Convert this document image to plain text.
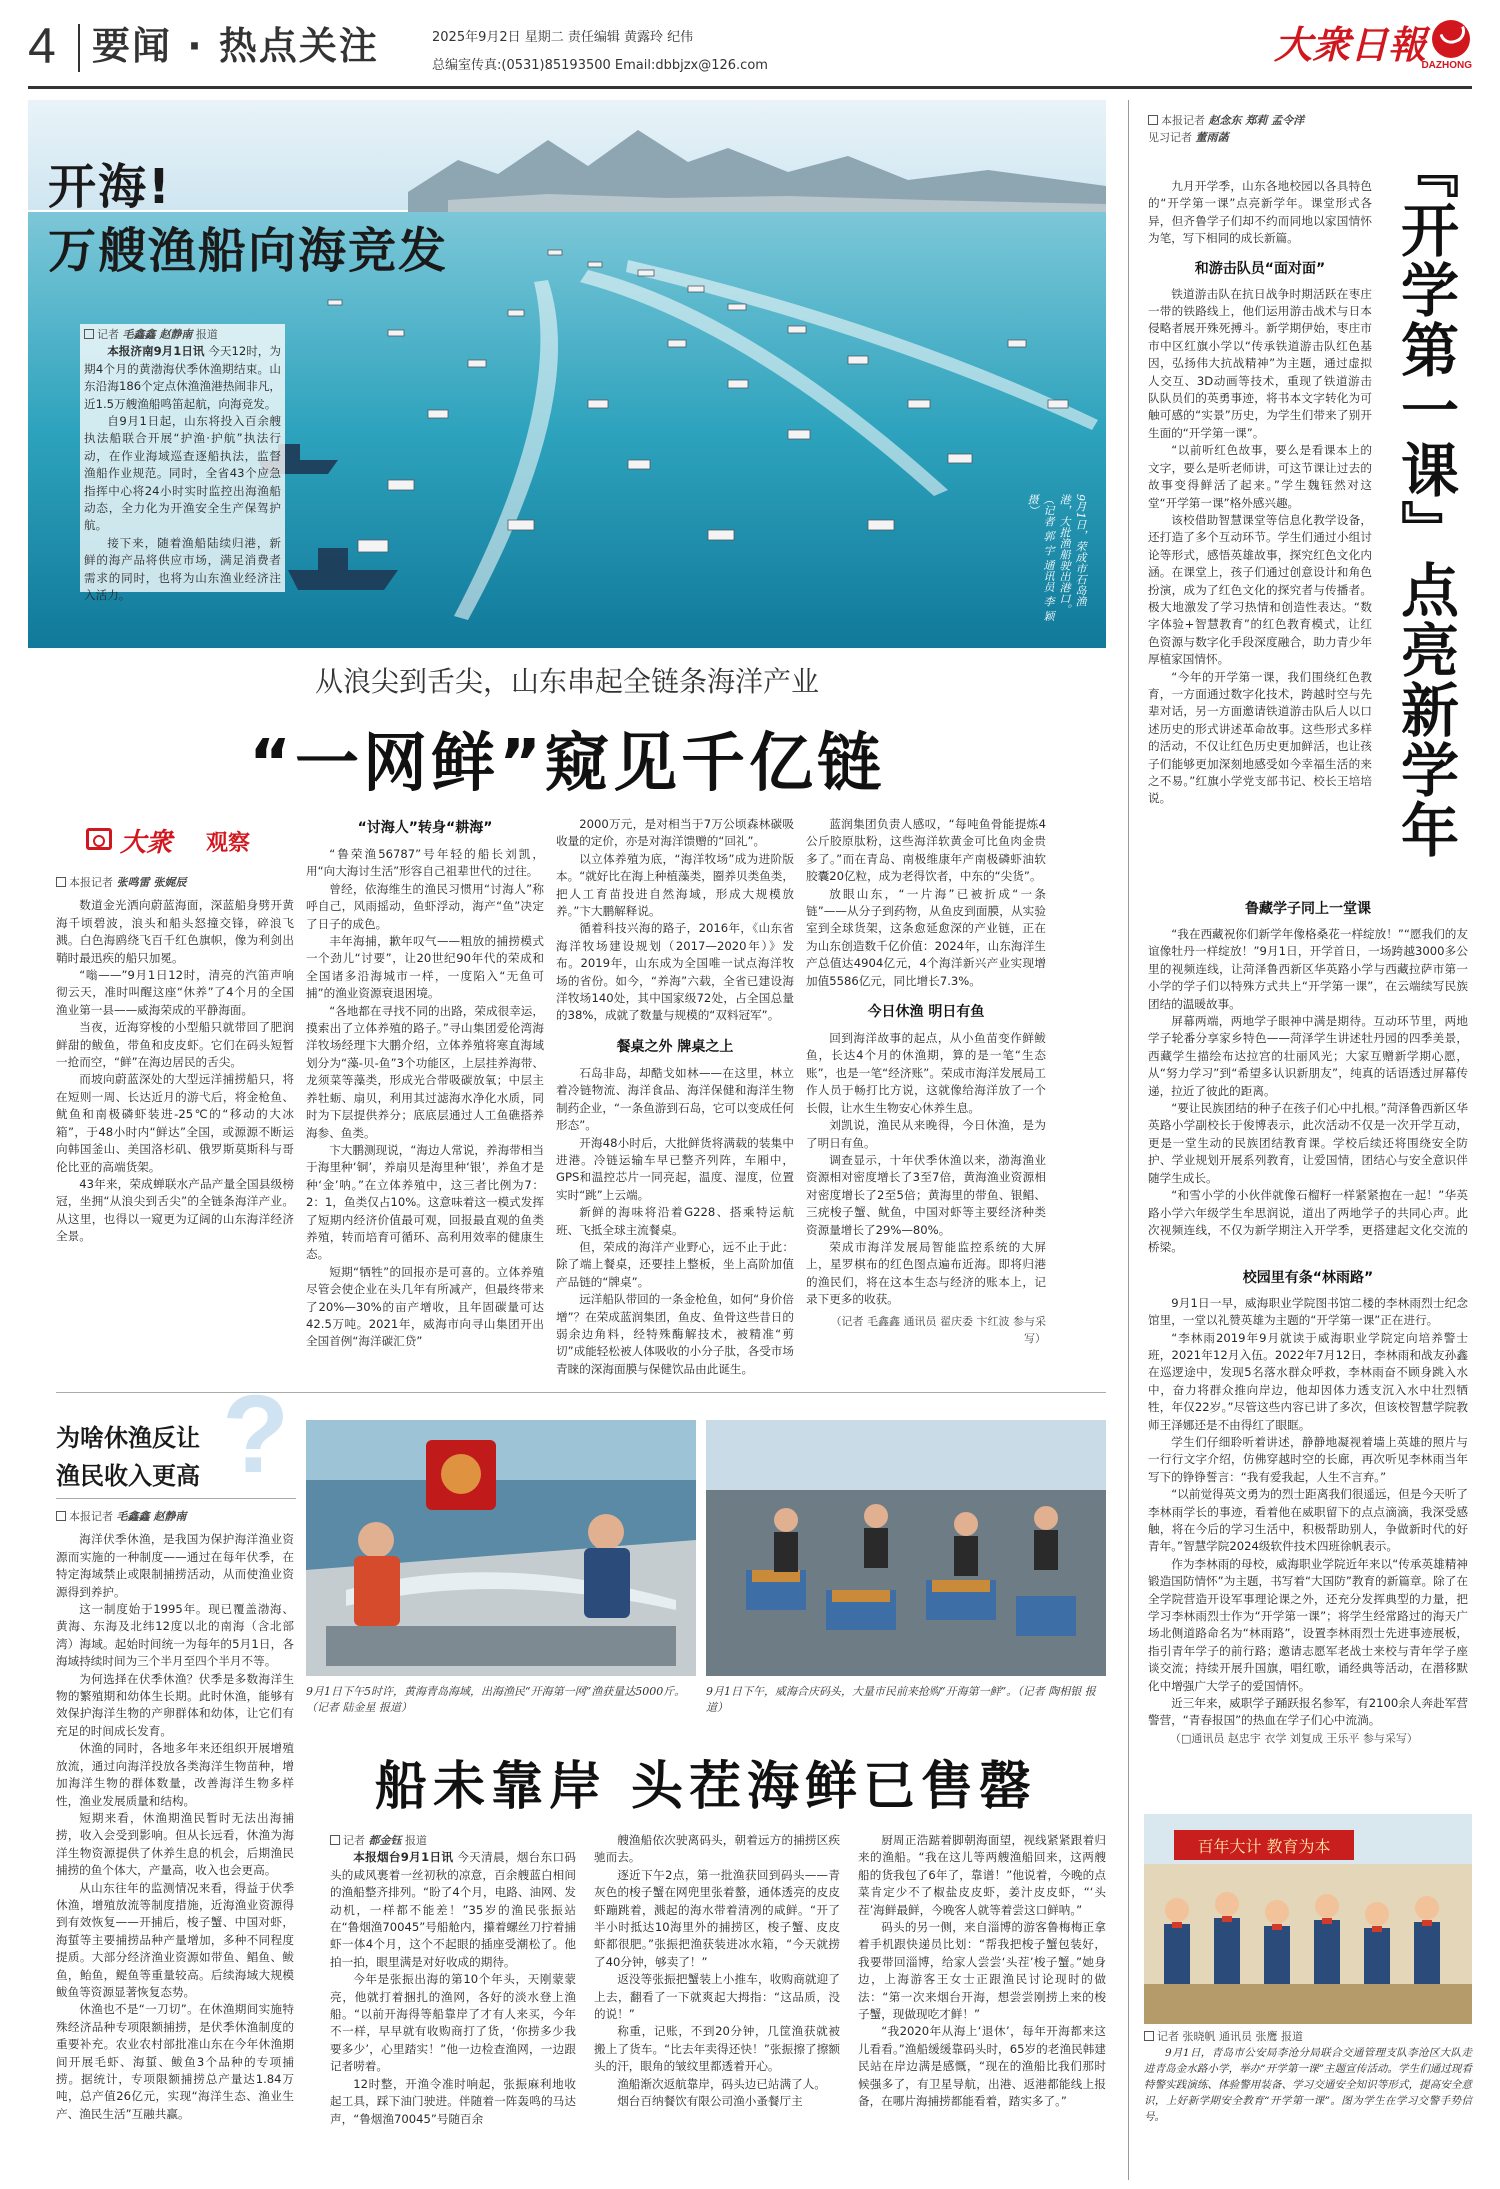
4 要闻 · 热点关注	2025年9月2日 星期二 责任编辑 黄露玲 纪伟
总编室传真:(0531)85193500 Email:dbbjzx@126.com	大衆日報
DAZHONG
开海!
万艘渔船向海竞发
记者 毛鑫鑫 赵静南 报道

本报济南9月1日讯 今天12时，为期4个月的黄渤海伏季休渔期结束。山东沿海186个定点休渔渔港热闹非凡，近1.5万艘渔船鸣笛起航，向海竞发。

自9月1日起，山东将投入百余艘执法船联合开展“护渔·护航”执法行动，在作业海域巡查逐船执法，监督渔船作业规范。同时，全省43个应急指挥中心将24小时实时监控出海渔船动态，全力化为开渔安全生产保驾护航。

接下来，随着渔船陆续归港，新鲜的海产品将供应市场，满足消费者需求的同时，也将为山东渔业经济注入活力。	9月1日，荣成市石岛渔港，大批渔船驶出港口。（记者 郭 宇 通讯员 李 颖 摄）
从浪尖到舌尖，山东串起全链条海洋产业
“一网鲜”窥见千亿链
大衆 观察
本报记者 张鸣雷 张娓辰

数道金光洒向蔚蓝海面，深蓝船身劈开黄海千顷碧波，浪头和船头怒撞交锋，碎浪飞溅。白色海鸥绕飞百千红色旗帜，像为利剑出鞘时最迅疾的船只加冕。

“嗡——”9月1日12时，清亮的汽笛声响彻云天，准时叫醒这座“休养”了4个月的全国渔业第一县——威海荣成的平静海面。

当夜，近海穿梭的小型船只就带回了肥润鲜甜的鲅鱼，带鱼和皮皮虾。它们在码头短暂一抢而空，“鲜”在海边居民的舌尖。

而坡向蔚蓝深处的大型远洋捕捞船只，将在短则一周、长达近月的游弋后，将金枪鱼、鱿鱼和南极磷虾装进-25℃的“移动的大冰箱”，于48小时内“鲜达”全国，或源源不断运向韩国釜山、美国洛杉矶、俄罗斯莫斯科与哥伦比亚的高端货架。

43年来，荣成蝉联水产品产量全国县级榜冠，坐拥“从浪尖到舌尖”的全链条海洋产业。从这里，也得以一窥更为辽阔的山东海洋经济全景。

“讨海人”转身“耕海”

“鲁荣渔56787”号年轻的船长刘凯，用“向大海讨生活”形容自己祖辈世代的过往。

曾经，依海维生的渔民习惯用“讨海人”称呼自己，风雨摇动，鱼虾浮动，海产“鱼”决定了日子的成色。

丰年海捕，歉年叹气——粗放的捕捞模式一个劲儿“讨要”，让20世纪90年代的荣成和全国诸多沿海城市一样，一度陷入“无鱼可捕”的渔业资源衰退困境。

“各地都在寻找不同的出路，荣成很幸运，摸索出了立体养殖的路子。”寻山集团爱伦湾海洋牧场经理卞大鹏介绍，立体养殖将寒直海域划分为“藻-贝-鱼”3个功能区，上层挂养海带、龙须菜等藻类，形成光合带吸碳放氧；中层主养牡蛎、扇贝，利用其过滤海水净化水质，同时为下层提供养分；底底层通过人工鱼礁搭养海参、鱼类。

卞大鹏测现说，“海边人常说，养海带相当于海里种‘铜’，养扇贝是海里种‘银’，养鱼才是种‘金’呐。”在立体养殖中，这三者比例为7：2：1，鱼类仅占10%。这意味着这一模式发挥了短期内经济价值最可观，回报最直观的鱼类养殖，转而培育可循环、高利用效率的健康生态。

短期“牺牲”的回报亦是可喜的。立体养殖尽管会使企业在头几年有所减产，但最终带来了20%—30%的亩产增收，且年固碳量可达42.5万吨。2021年，威海市向寻山集团开出全国首例“海洋碳汇贷”

2000万元，是对相当于7万公顷森林碳吸收量的定价，亦是对海洋馈赠的“回礼”。

以立体养殖为底，“海洋牧场”成为进阶版本。“就好比在海上种植藻类，圈养贝类鱼类，把人工育苗投进自然海域，形成大规模放养。”卞大鹏解释说。

循着科技兴海的路子，2016年，《山东省海洋牧场建设规划（2017—2020年）》发布。2019年，山东成为全国唯一试点海洋牧场的省份。如今，“养海”六载，全省已建设海洋牧场140处，其中国家级72处，占全国总量的38%，成就了数量与规模的“双料冠军”。

餐桌之外 牌桌之上

石岛非岛，却酷戈如林——在这里，林立着冷链物流、海洋食品、海洋保健和海洋生物制药企业，“一条鱼游到石岛，它可以变成任何形态”。

开海48小时后，大批鲜货将满载的装集中进港。冷链运输车早已整齐列阵，车厢中，GPS和温控芯片一同亮起，温度、湿度，位置实时“跳”上云端。

新鲜的海味将沿着G228、搭乘特运航班、飞抵全球主流餐桌。

但，荣成的海洋产业野心，远不止于此：除了端上餐桌，还要挂上整板，坐上高阶加值产品链的“牌桌”。

远洋船队带回的一条金枪鱼，如何“身价倍增”？在荣成蓝润集团，鱼皮、鱼骨这些昔日的弱余边角料，经特殊酶解技术，被精准“剪切”成能轻松被人体吸收的小分子肽，各受市场青睐的深海面膜与保健饮品由此诞生。

蓝润集团负责人感叹，“每吨鱼骨能提炼4公斤胶原肽粉，这些海洋软黄金可比鱼肉金贵多了。”而在青岛、南极维康年产南极磷虾油软胶囊20亿粒，成为老得饮者，中东的“尖货”。

放眼山东，“一片海”已被折成“一条链”——从分子到药物，从鱼皮到面膜，从实验室到全球货架，这条愈延愈深的产业链，正在为山东创造数千亿价值：2024年，山东海洋生产总值达4904亿元，4个海洋新兴产业实现增加值5586亿元，同比增长7.3%。

今日休渔 明日有鱼

回到海洋故事的起点，从小鱼苗变作鲜鲅鱼，长达4个月的休渔期，算的是一笔“生态账”，也是一笔“经济账”。荣成市海洋发展局工作人员于畅打比方说，这就像给海洋放了一个长假，让水生生物安心休养生息。

刘凯说，渔民从来晚得，今日休渔，是为了明日有鱼。

调查显示，十年伏季休渔以来，渤海渔业资源相对密度增长了3至7倍，黄海渔业资源相对密度增长了2至5倍；黄海里的带鱼、银鲳、三疣梭子蟹、鱿鱼，中国对虾等主要经济种类资源量增长了29%—80%。

荣成市海洋发展局智能监控系统的大屏上，星罗棋布的红色图点遍布近海。即将归港的渔民们，将在这本生态与经济的账本上，记录下更多的收获。

（记者 毛鑫鑫 通讯员 翟庆委 卞红波 参与采写）

?
为啥休渔反让
渔民收入更高
本报记者 毛鑫鑫 赵静南

海洋伏季休渔，是我国为保护海洋渔业资源而实施的一种制度——通过在每年伏季，在特定海域禁止或限制捕捞活动，从而使渔业资源得到养护。

这一制度始于1995年。现已覆盖渤海、黄海、东海及北纬12度以北的南海（含北部湾）海域。起始时间统一为每年的5月1日，各海域持续时间为三个半月至四个半月不等。

为何选择在伏季休渔？伏季是多数海洋生物的繁殖期和幼体生长期。此时休渔，能够有效保护海洋生物的产卵群体和幼体，让它们有充足的时间成长发育。

休渔的同时，各地多年来还组织开展增殖放流，通过向海洋投放各类海洋生物苗种，增加海洋生物的群体数量，改善海洋生物多样性，渔业发展质量和结构。

短期来看，休渔期渔民暂时无法出海捕捞，收入会受到影响。但从长远看，休渔为海洋生物资源提供了休养生息的机会，后期渔民捕捞的鱼个体大，产量高，收入也会更高。

从山东往年的监测情况来看，得益于伏季休渔，增殖放流等制度措施，近海渔业资源得到有效恢复——开捕后，梭子蟹、中国对虾，海蜇等主要捕捞品种产量增加，多种不同程度提质。大部分经济渔业资源如带鱼、鲳鱼、鲅鱼，鲐鱼，鳀鱼等重量较高。后续海域大规模鲅鱼等资源显著恢复态势。

休渔也不是“一刀切”。在休渔期间实施特殊经济品种专项限额捕捞，是伏季休渔制度的重要补充。农业农村部批准山东在今年休渔期间开展毛虾、海蜇、鲅鱼3个品种的专项捕捞。据统计，专项限额捕捞总产量达1.84万吨，总产值26亿元，实现“海洋生态、渔业生产、渔民生活”互融共赢。

9月1日下午5时许，黄海青岛海域，出海渔民“开海第一网”渔获量达5000斤。（记者 陆金星 报道）
9月1日下午，威海合庆码头，大量市民前来抢购“开海第一鲜”。（记者 陶相银 报道）
船未靠岸 头茬海鲜已售罄
记者 都金钰 报道

本报烟台9月1日讯 今天清晨，烟台东口码头的咸风裹着一丝初秋的凉意，百余艘蓝白相间的渔船整齐排列。“盼了4个月，电路、油网、发动机，一样都不能差！”35岁的渔民张振站在“鲁烟渔70045”号船舱内，攥着螺丝刀拧着捕虾一体4个月，这个不起眼的插座受潮松了。他拍一拍，眼里满是对好收成的期待。

今年是张振出海的第10个年头，天刚蒙蒙亮，他就打着捆扎的渔网，各好的淡水登上渔船。“以前开海得等船靠岸了才有人来买，今年不一样，早早就有收购商打了货，‘你捞多少我要多少’，心里踏实！”他一边检查渔网，一边跟记者唠着。

12时整，开渔令准时响起，张振麻利地收起工具，踩下油门驶进。伴随着一阵轰鸣的马达声，“鲁烟渔70045”号随百余

艘渔船依次驶离码头，朝着远方的捕捞区疾驰而去。

逐近下午2点，第一批渔获回到码头——青灰色的梭子蟹在网兜里张着螯，通体透亮的皮皮虾蹦跳着，溅起的海水带着清冽的咸鲜。“开了半小时抵达10海里外的捕捞区，梭子蟹、皮皮虾都很肥。”张振把渔获装进冰水箱，“今天就捞了40分钟，够卖了！”

返没等张振把蟹装上小推车，收购商就迎了上去，翻看了一下就爽起大拇指：“这品质，没的说！”

称重，记账，不到20分钟，几筐渔获就被搬上了货车。“比去年卖得还快！”张振擦了擦额头的汗，眼角的皱纹里都透着开心。

渔船渐次返航靠岸，码头边已站满了人。

烟台百纳餐饮有限公司渔小蚤餐厅主

厨周正浩踮着脚朝海面望，视线紧紧跟着归来的渔船。“我在这儿等两艘渔船回来，这两艘船的货我包了6年了，靠谱！”他说着，今晚的点菜肯定少不了椒盐皮皮虾，姜汁皮皮虾，“‘头茬’海鲜最鲜，今晚客人就等着尝这口鲜呐。”

码头的另一侧，来自淄博的游客鲁梅梅正拿着手机跟快递员比划：“帮我把梭子蟹包装好，我要带回淄博，给家人尝尝‘头茬’梭子蟹。”她身边，上海游客王女士正跟渔民讨论现时的做法：“第一次来烟台开海，想尝尝刚捞上来的梭子蟹，现做现吃才鲜！”

“我2020年从海上‘退休’，每年开海都来这儿看看。”渔船缓缓靠码头时，65岁的老渔民韩建民站在岸边满是感慨，“现在的渔船比我们那时候强多了，有卫星导航，出港、返港都能线上报备，在哪片海捕捞都能看着，踏实多了。”

『开学第一课』点亮新学年
本报记者 赵念东 郑莉 孟令洋
见习记者 董雨菡

九月开学季，山东各地校园以各具特色的“开学第一课”点亮新学年。课堂形式各异，但齐鲁学子们却不约而同地以家国情怀为笔，写下相同的成长新篇。

和游击队员“面对面”

铁道游击队在抗日战争时期活跃在枣庄一带的铁路线上，他们运用游击战术与日本侵略者展开殊死搏斗。新学期伊始，枣庄市市中区红旗小学以“传承铁道游击队红色基因，弘扬伟大抗战精神”为主题，通过虚拟人交互、3D动画等技术，重现了铁道游击队队员们的英勇事迹，将书本文字转化为可触可感的“实景”历史，为学生们带来了别开生面的“开学第一课”。

“以前听红色故事，要么是看课本上的文字，要么是听老师讲，可这节课让过去的故事变得鲜活了起来。”学生魏钰然对这堂“开学第一课”格外感兴趣。

该校借助智慧课堂等信息化教学设备，还打造了多个互动环节。学生们通过小组讨论等形式，感悟英雄故事，探究红色文化内涵。在课堂上，孩子们通过创意设计和角色扮演，成为了红色文化的探究者与传播者。极大地激发了学习热情和创造性表达。“数字体验+智慧教育”的红色教育模式，让红色资源与数字化手段深度融合，助力青少年厚植家国情怀。

“今年的开学第一课，我们围绕红色教育，一方面通过数字化技术，跨越时空与先辈对话，另一方面邀请铁道游击队后人以口述历史的形式讲述革命故事。这些形式多样的活动，不仅让红色历史更加鲜活，也让孩子们能够更加深刻地感受如今幸福生活的来之不易。”红旗小学党支部书记、校长王培培说。

鲁藏学子同上一堂课

“我在西藏祝你们新学年像格桑花一样绽放！”“愿我们的友谊像牡丹一样绽放！”9月1日，开学首日，一场跨越3000多公里的视频连线，让菏泽鲁西新区华英路小学与西藏拉萨市第一小学的学子们以特殊方式共上“开学第一课”，在云端续写民族团结的温暖故事。

屏幕两端，两地学子眼神中满是期待。互动环节里，两地学子轮番分享家乡特色——菏泽学生讲述牡丹园的四季美景，西藏学生描绘布达拉宫的壮丽风光；大家互赠新学期心愿，从“努力学习”到“希望多认识新朋友”，纯真的话语透过屏幕传递，拉近了彼此的距离。

“要让民族团结的种子在孩子们心中扎根。”菏泽鲁西新区华英路小学副校长于俊博表示，此次活动不仅是一次开学互动，更是一堂生动的民族团结教育课。学校后续还将围绕安全防护、学业规划开展系列教育，让爱国情，团结心与安全意识伴随学生成长。

“和雪小学的小伙伴就像石榴籽一样紧紧抱在一起！”华英路小学六年级学生牟思润说，道出了两地学子的共同心声。此次视频连线，不仅为新学期注入开学季，更搭建起文化交流的桥梁。

校园里有条“林雨路”

9月1日一早，威海职业学院图书馆二楼的李林雨烈士纪念馆里，一堂以礼赞英雄为主题的“开学第一课”正在进行。

“李林雨2019年9月就读于威海职业学院定向培养警士班，2021年12月入伍。2022年7月12日，李林雨和战友孙鑫在巡逻途中，发现5名落水群众呼救，李林雨奋不顾身跳入水中，奋力将群众推向岸边，他却因体力透支沉入水中壮烈牺牲，年仅22岁。”尽管这些内容已讲了多次，但该校智慧学院教师王泽娜还是不由得红了眼眶。

学生们仔细聆听着讲述，静静地凝视着墙上英雄的照片与一行行文字介绍，仿佛穿越时空的长廊，再次听见李林雨当年写下的铮铮誓言：“我有爱我起，人生不言弃。”

“以前觉得英文勇为的烈士距离我们很遥远，但是今天听了李林雨学长的事迹，看着他在威职留下的点点滴滴，我深受感触，将在今后的学习生活中，积极帮助别人，争做新时代的好青年。”智慧学院2024级软件技术四班徐帆表示。

作为李林雨的母校，威海职业学院近年来以“传承英雄精神 锻造国防情怀”为主题，书写着“大国防”教育的新篇章。除了在全学院营造开设军事理论课之外，还充分发挥典型的力量，把学习李林雨烈士作为“开学第一课”；将学生经常路过的海天广场北侧道路命名为“林雨路”，设置李林雨烈士先进事迹展板，指引青年学子的前行路；邀请志愿军老战士来校与青年学子座谈交流；持续开展升国旗，唱红歌，诵经典等活动，在潜移默化中增强广大学子的爱国情怀。

近三年来，威职学子踊跃报名参军，有2100余人奔赴军营警营，“青春报国”的热血在学子们心中流淌。

（□通讯员 赵忠宇 衣学 刘复成 王乐平 参与采写）

百年大计 教育为本
记者 张晓帆 通讯员 张鹰 报道

9月1日，青岛市公安局李沧分局联合交通管理支队李沧区大队走进青岛金水路小学，举办“开学第一课”主题宣传活动。学生们通过现看特警实践演练、体验警用装备、学习交通安全知识等形式，提高安全意识，上好新学期安全教育“开学第一课”。图为学生在学习交警手势信号。
